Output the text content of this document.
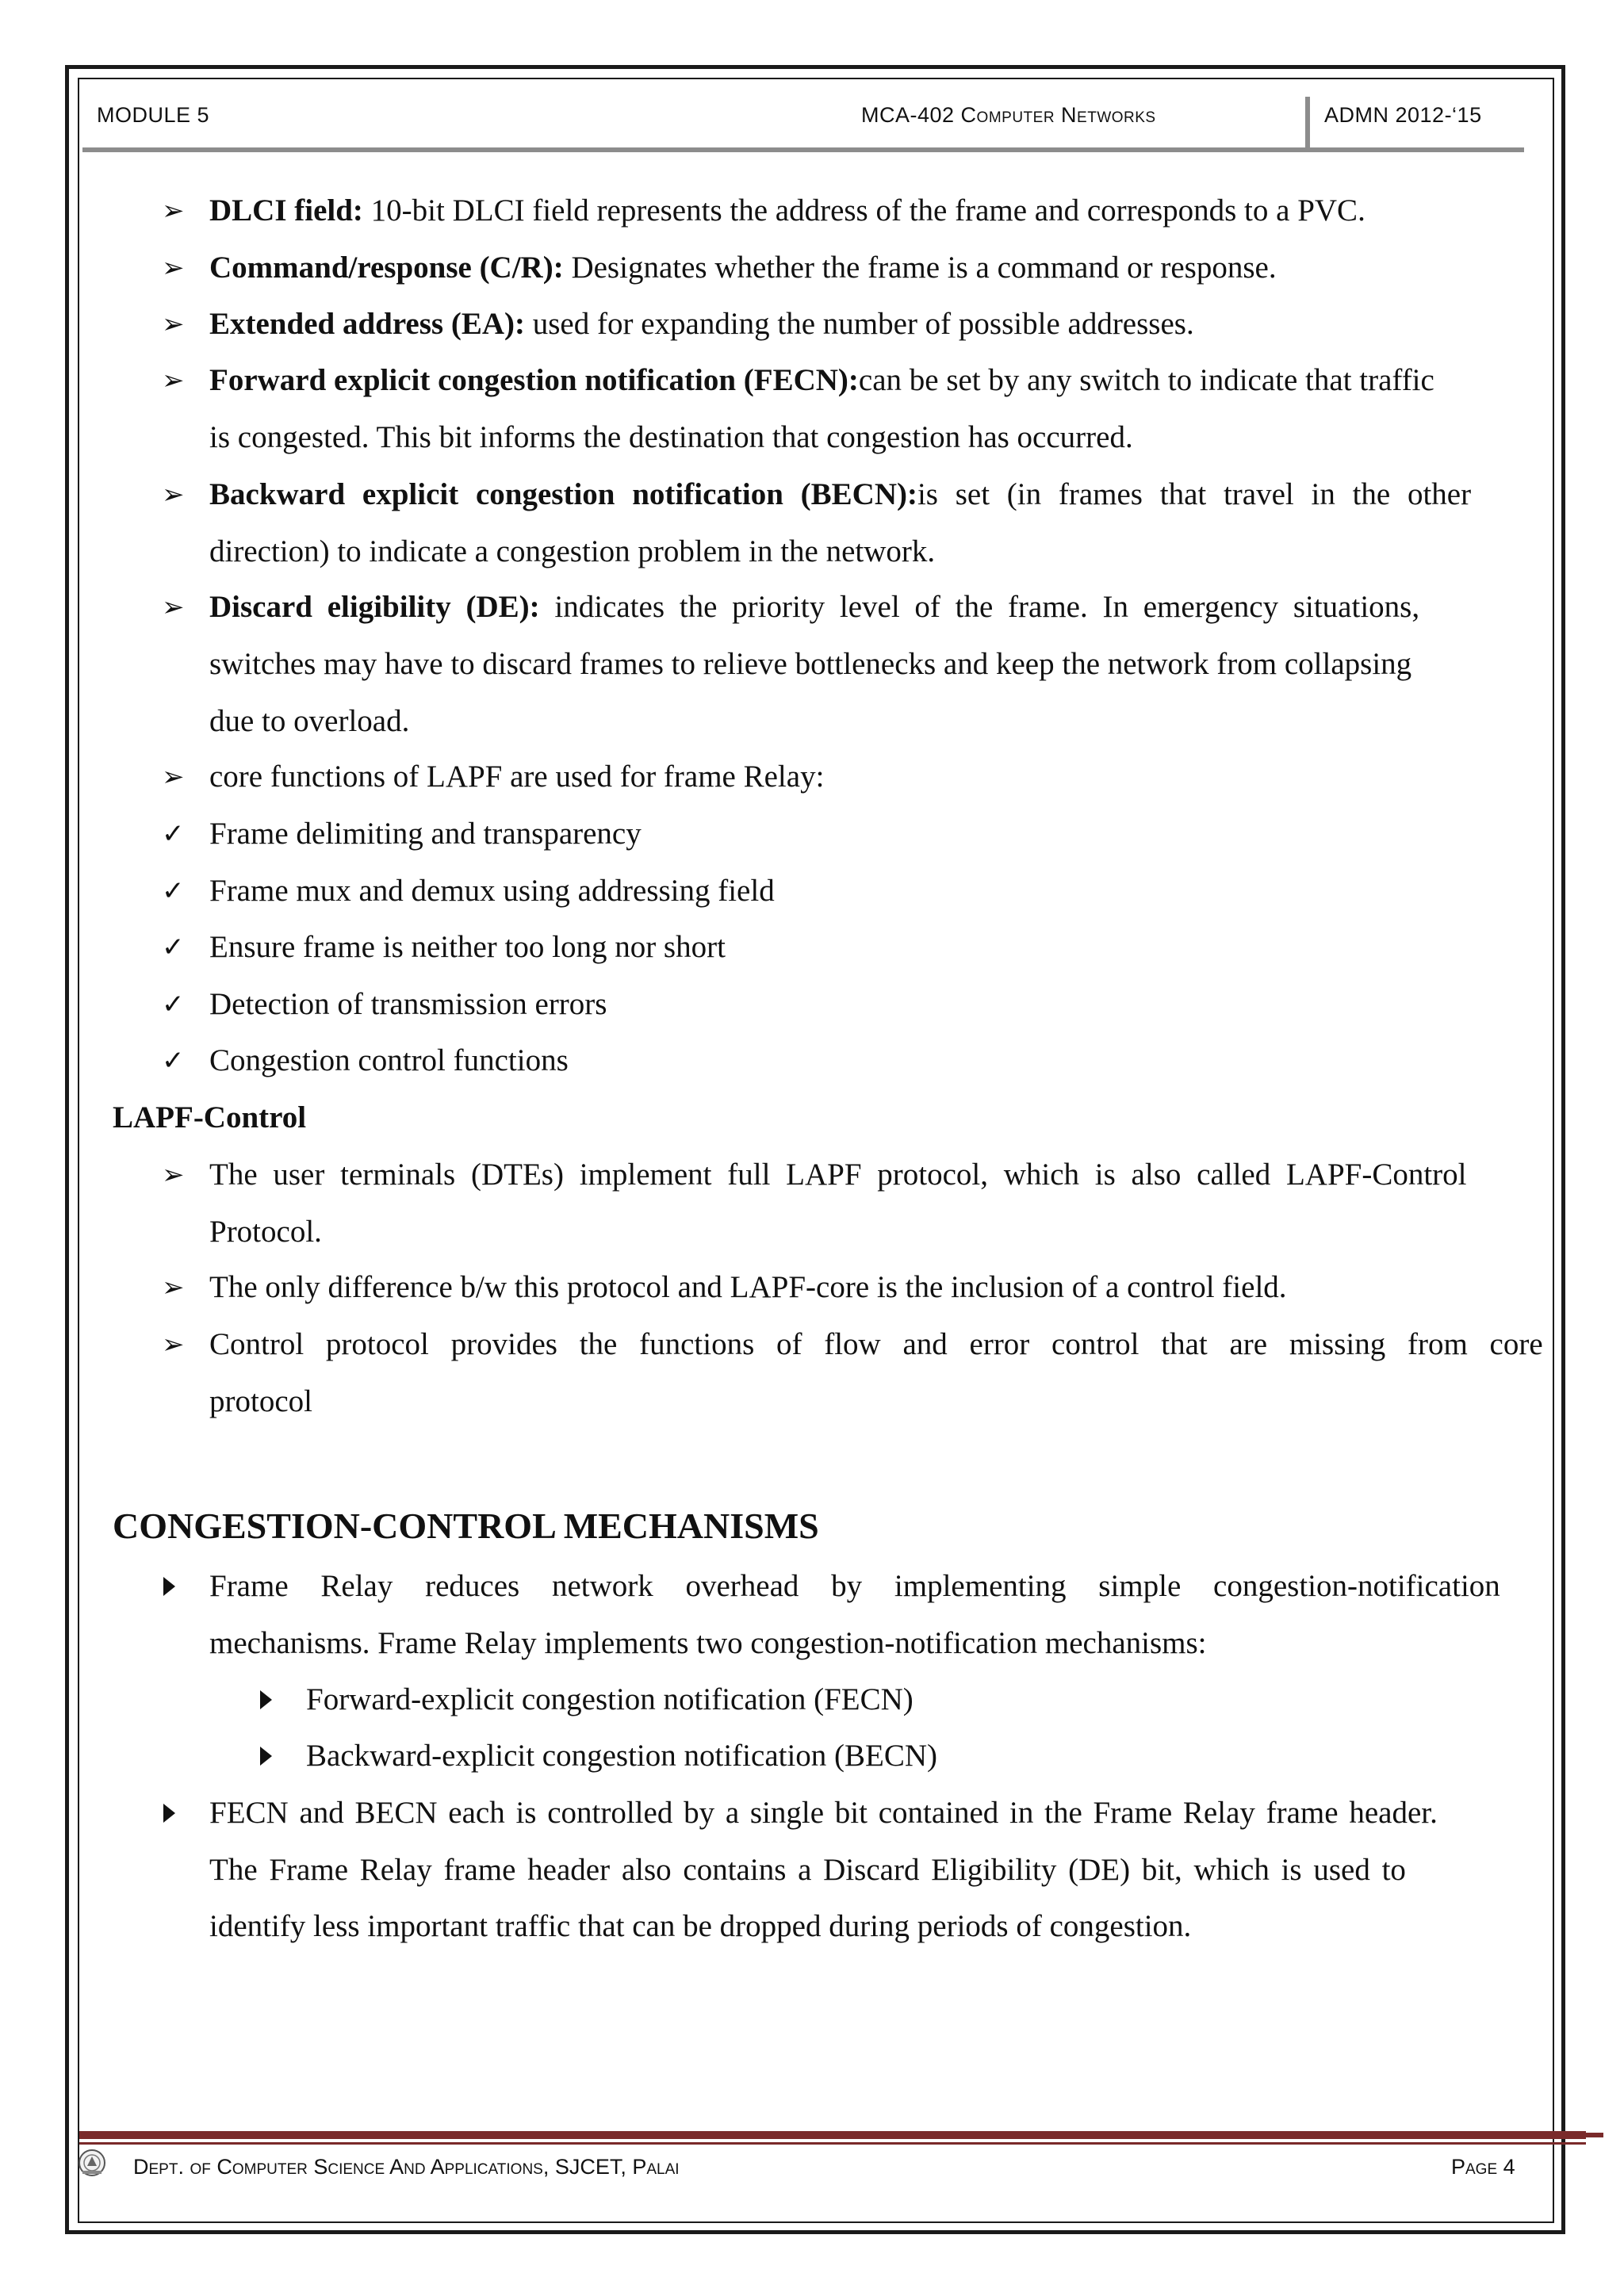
MODULE 5	MCA-402 Computer Networks	ADMN 2012-‘15
➢ DLCI field: 10-bit DLCI field represents the address of the frame and corresponds to a PVC.
➢ Command/response (C/R): Designates whether the frame is a command or response.
➢ Extended address (EA): used for expanding the number of possible addresses.
➢ Forward explicit congestion notification (FECN):can be set by any switch to indicate that traffic
is congested. This bit informs the destination that congestion has occurred.
➢ Backward explicit congestion notification (BECN):is set (in frames that travel in the other
direction) to indicate a congestion problem in the network.
➢ Discard eligibility (DE): indicates the priority level of the frame. In emergency situations,
switches may have to discard frames to relieve bottlenecks and keep the network from collapsing
due to overload.
➢ core functions of LAPF are used for frame Relay:
✓ Frame delimiting and transparency
✓ Frame mux and demux using addressing field
✓ Ensure frame is neither too long nor short
✓ Detection of transmission errors
✓ Congestion control functions
LAPF-Control
➢ The user terminals (DTEs) implement full LAPF protocol, which is also called LAPF-Control
Protocol.
➢ The only difference b/w this protocol and LAPF-core is the inclusion of a control field.
➢ Control protocol provides the functions of flow and error control that are missing from core
protocol
CONGESTION-CONTROL MECHANISMS
Frame Relay reduces network overhead by implementing simple congestion-notification
mechanisms. Frame Relay implements two congestion-notification mechanisms:
Forward-explicit congestion notification (FECN)
Backward-explicit congestion notification (BECN)
FECN and BECN each is controlled by a single bit contained in the Frame Relay frame header.
The Frame Relay frame header also contains a Discard Eligibility (DE) bit, which is used to
identify less important traffic that can be dropped during periods of congestion.
Dept. of Computer Science And Applications, SJCET, Palai	Page 4
